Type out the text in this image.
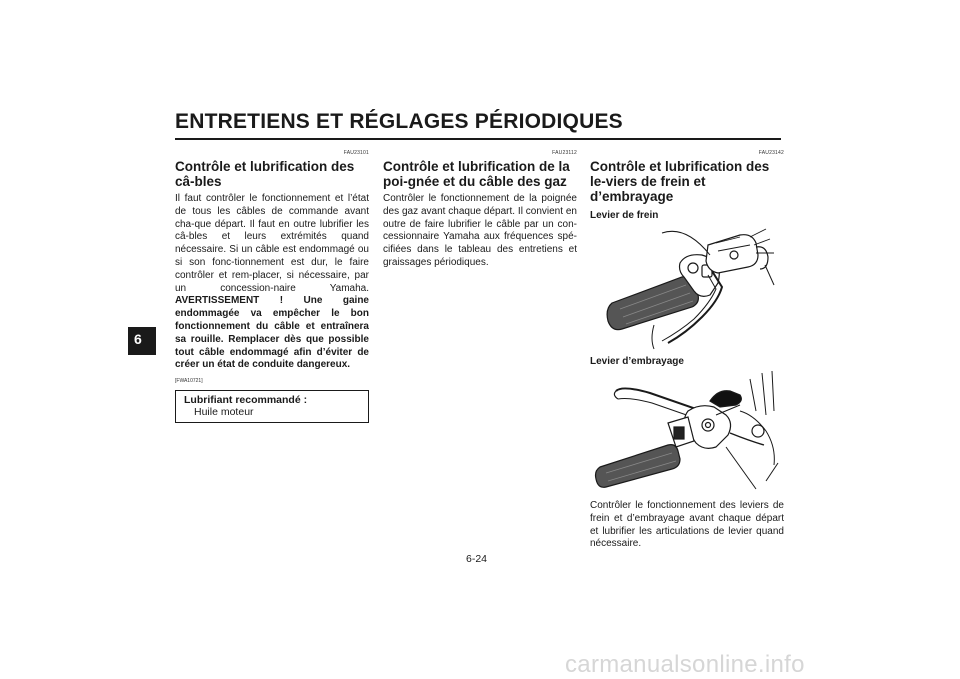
ENTRETIENS ET RÉGLAGES PÉRIODIQUES
6
FAU23101
Contrôle et lubrification des câ-bles

Il faut contrôler le fonctionnement et l’état de tous les câbles de commande avant cha-que départ. Il faut en outre lubrifier les câ-bles et leurs extrémités quand nécessaire. Si un câble est endommagé ou si son fonc-tionnement est dur, le faire contrôler et rem-placer, si nécessaire, par un concession-naire Yamaha. AVERTISSEMENT ! Une gaine endommagée va empêcher le bon fonctionnement du câble et entraînera sa rouille. Remplacer dès que possible tout câble endommagé afin d’éviter de créer un état de conduite dangereux.

[FWA10721]
Lubrifiant recommandé :
Huile moteur
FAU23112
Contrôle et lubrification de la poi-gnée et du câble des gaz

Contrôler le fonctionnement de la poignée des gaz avant chaque départ. Il convient en outre de faire lubrifier le câble par un con-cessionnaire Yamaha aux fréquences spé-cifiées dans le tableau des entretiens et graissages périodiques.

FAU23142
Contrôle et lubrification des le-viers de frein et d’embrayage
Levier de frein
Levier d’embrayage

Contrôler le fonctionnement des leviers de frein et d’embrayage avant chaque départ et lubrifier les articulations de levier quand nécessaire.

6-24
carmanualsonline.info
